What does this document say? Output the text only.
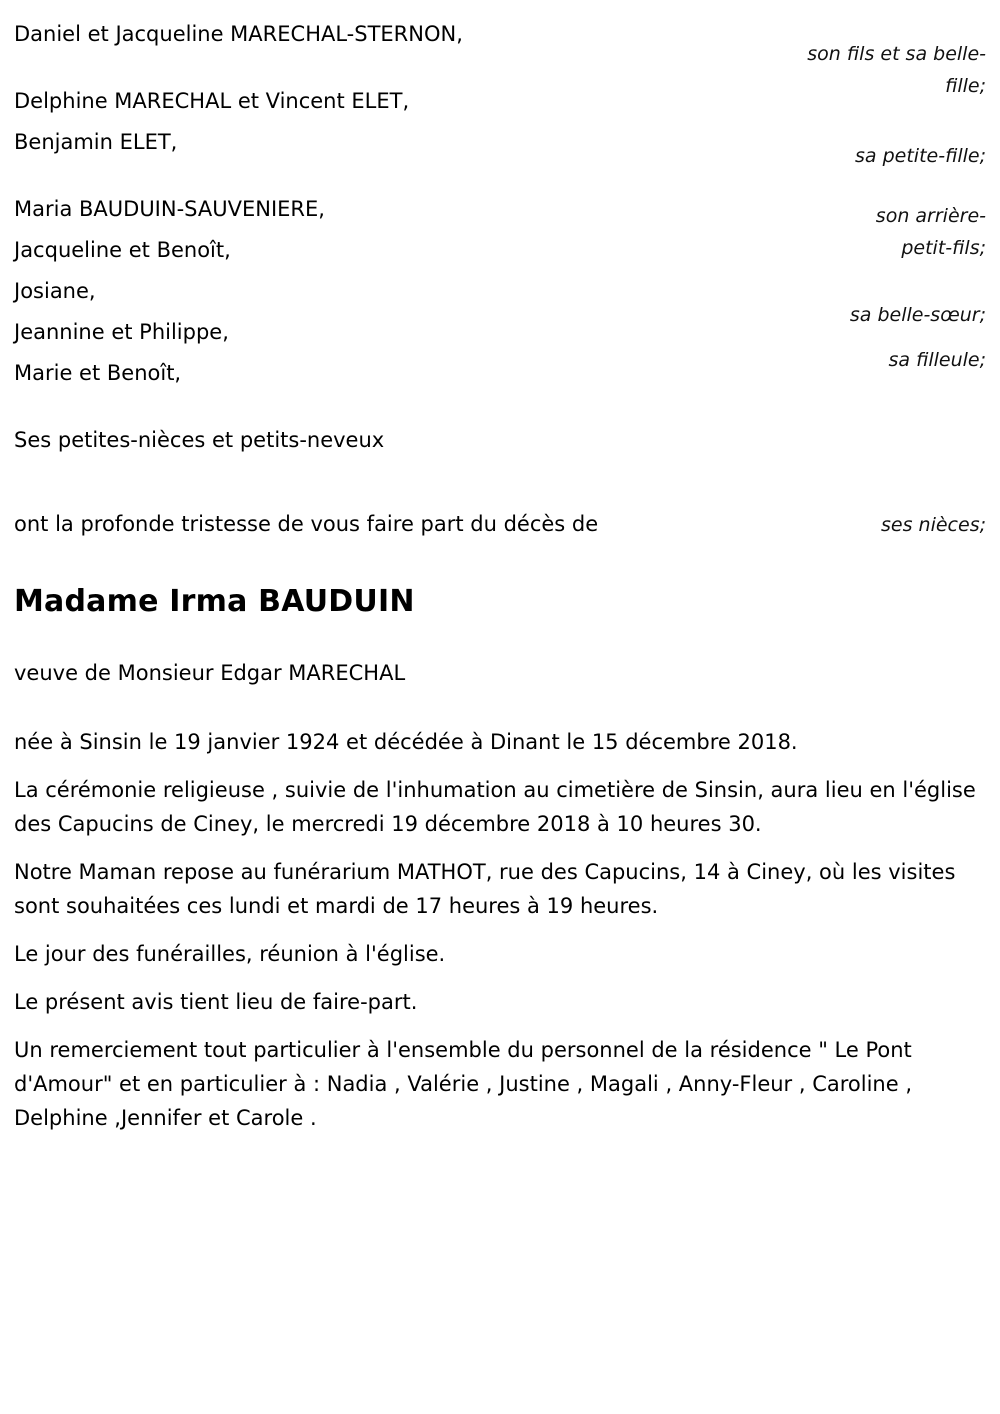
Daniel et Jacqueline MARECHAL-STERNON,
Delphine MARECHAL et Vincent ELET,
Benjamin ELET,
Maria BAUDUIN-SAUVENIERE,
Jacqueline et Benoît,
Josiane,
Jeannine et Philippe,
Marie et Benoît,
Ses petites-nièces et petits-neveux
son fils et sa belle-
fille;
sa petite-fille;
son arrière-
petit-fils;
sa belle-sœur;
sa filleule;
ses nièces;
ont la profonde tristesse de vous faire part du décès de
Madame Irma BAUDUIN
veuve de Monsieur Edgar MARECHAL

née à Sinsin le 19 janvier 1924 et décédée à Dinant le 15 décembre 2018.

La cérémonie religieuse , suivie de l'inhumation au cimetière de Sinsin, aura lieu en l'église des Capucins de Ciney, le mercredi 19 décembre 2018 à 10 heures 30.

Notre Maman repose au funérarium MATHOT, rue des Capucins, 14 à Ciney, où les visites sont souhaitées ces lundi et mardi de 17 heures à 19 heures.

Le jour des funérailles, réunion à l'église.

Le présent avis tient lieu de faire-part.

Un remerciement tout particulier à l'ensemble du personnel de la résidence " Le Pont d'Amour" et en particulier à : Nadia , Valérie , Justine , Magali , Anny-Fleur , Caroline , Delphine ,Jennifer et Carole .
